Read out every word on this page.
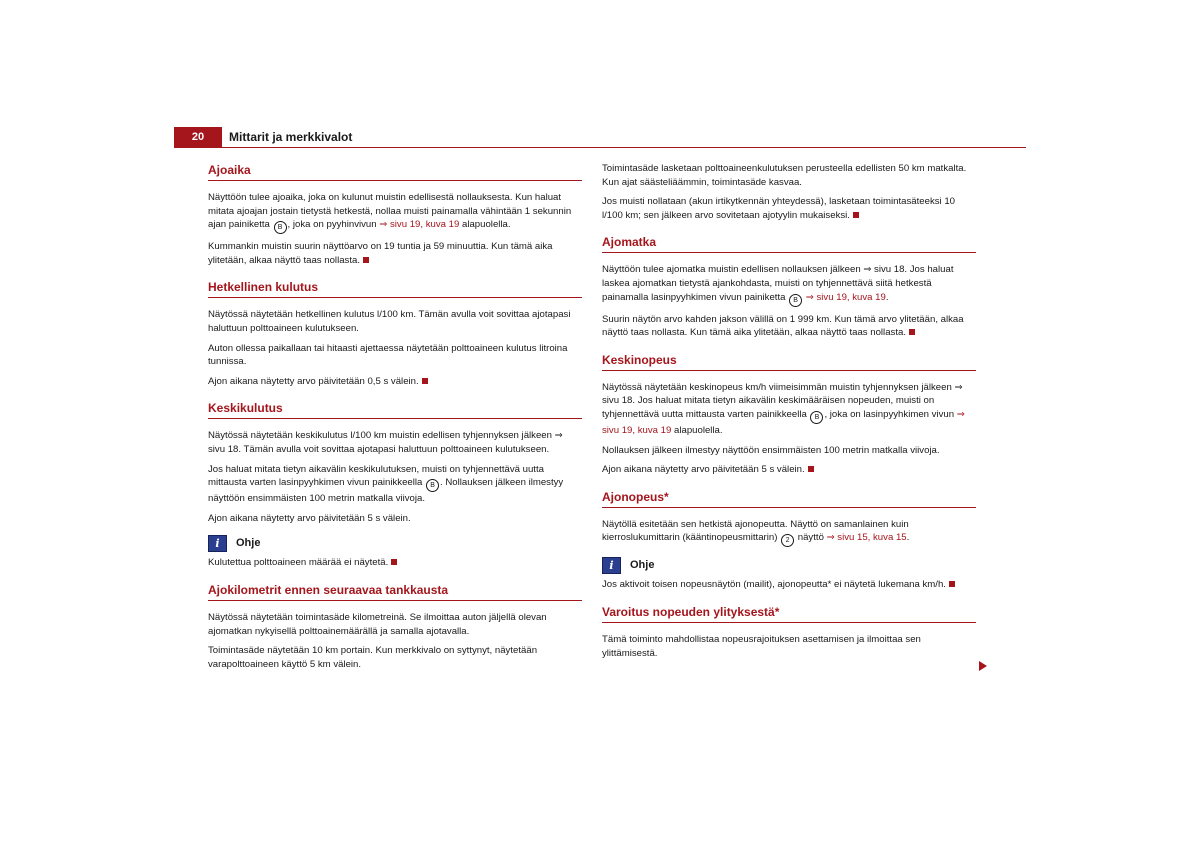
20	Mittarit ja merkkivalot
Ajoaika

Näyttöön tulee ajoaika, joka on kulunut muistin edellisestä nollauksesta. Kun haluat mitata ajoajan jostain tietystä hetkestä, nollaa muisti painamalla vähintään 1 sekunnin ajan painiketta B , joka on pyyhinvivun ⇒ sivu 19, kuva 19 alapuolella.

Kummankin muistin suurin näyttöarvo on 19 tuntia ja 59 minuuttia. Kun tämä aika ylitetään, alkaa näyttö taas nollasta.

Hetkellinen kulutus

Näytössä näytetään hetkellinen kulutus l/100 km. Tämän avulla voit sovittaa ajotapasi haluttuun polttoaineen kulutukseen.

Auton ollessa paikallaan tai hitaasti ajettaessa näytetään polttoaineen kulutus litroina tunnissa.

Ajon aikana näytetty arvo päivitetään 0,5 s välein.

Keskikulutus

Näytössä näytetään keskikulutus l/100 km muistin edellisen tyhjennyksen jälkeen ⇒ sivu 18. Tämän avulla voit sovittaa ajotapasi haluttuun polttoaineen kulutukseen.

Jos haluat mitata tietyn aikavälin keskikulutuksen, muisti on tyhjennettävä uutta mittausta varten lasinpyyhkimen vivun painikkeella B . Nollauksen jälkeen ilmestyy näyttöön ensimmäisten 100 metrin matkalla viivoja.

Ajon aikana näytetty arvo päivitetään 5 s välein.

i	Ohje

Kulutettua polttoaineen määrää ei näytetä.

Ajokilometrit ennen seuraavaa tankkausta

Näytössä näytetään toimintasäde kilometreinä. Se ilmoittaa auton jäljellä olevan ajomatkan nykyisellä polttoainemäärällä ja samalla ajotavalla.

Toimintasäde näytetään 10 km portain. Kun merkkivalo on syttynyt, näytetään varapolttoaineen käyttö 5 km välein.

Toimintasäde lasketaan polttoaineenkulutuksen perusteella edellisten 50 km matkalta. Kun ajat säästeliäämmin, toimintasäde kasvaa.

Jos muisti nollataan (akun irtikytkennän yhteydessä), lasketaan toimintasäteeksi 10 l/100 km; sen jälkeen arvo sovitetaan ajotyylin mukaiseksi.

Ajomatka

Näyttöön tulee ajomatka muistin edellisen nollauksen jälkeen ⇒ sivu 18. Jos haluat laskea ajomatkan tietystä ajankohdasta, muisti on tyhjennettävä siitä hetkestä painamalla lasinpyyhkimen vivun painiketta B ⇒ sivu 19, kuva 19.

Suurin näytön arvo kahden jakson välillä on 1 999 km. Kun tämä arvo ylitetään, alkaa näyttö taas nollasta. Kun tämä aika ylitetään, alkaa näyttö taas nollasta.

Keskinopeus

Näytössä näytetään keskinopeus km/h viimeisimmän muistin tyhjennyksen jälkeen ⇒ sivu 18. Jos haluat mitata tietyn aikavälin keskimääräisen nopeuden, muisti on tyhjennettävä uutta mittausta varten painikkeella B , joka on lasinpyyhkimen vivun ⇒ sivu 19, kuva 19 alapuolella.

Nollauksen jälkeen ilmestyy näyttöön ensimmäisten 100 metrin matkalla viivoja.

Ajon aikana näytetty arvo päivitetään 5 s välein.

Ajonopeus*

Näytöllä esitetään sen hetkistä ajonopeutta. Näyttö on samanlainen kuin kierroslukumittarin (kääntinopeusmittarin) 2 näyttö ⇒ sivu 15, kuva 15.

i	Ohje

Jos aktivoit toisen nopeusnäytön (mailit), ajonopeutta* ei näytetä lukemana km/h.

Varoitus nopeuden ylityksestä*

Tämä toiminto mahdollistaa nopeusrajoituksen asettamisen ja ilmoittaa sen ylittämisestä.
